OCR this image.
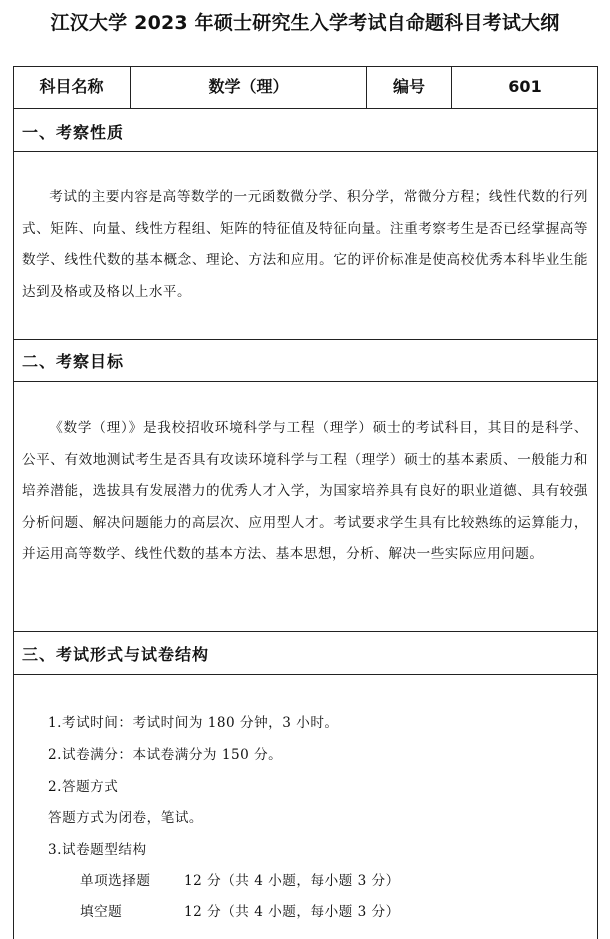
江汉大学 2023 年硕士研究生入学考试自命题科目考试大纲
科目名称	数学（理）	编号	601
一、考察性质

考试的主要内容是高等数学的一元函数微分学、积分学，常微分方程；线性代数的行列式、矩阵、向量、线性方程组、矩阵的特征值及特征向量。注重考察考生是否已经掌握高等数学、线性代数的基本概念、理论、方法和应用。它的评价标准是使高校优秀本科毕业生能达到及格或及格以上水平。

二、考察目标

《数学（理）》是我校招收环境科学与工程（理学）硕士的考试科目，其目的是科学、公平、有效地测试考生是否具有攻读环境科学与工程（理学）硕士的基本素质、一般能力和培养潜能，选拔具有发展潜力的优秀人才入学，为国家培养具有良好的职业道德、具有较强分析问题、解决问题能力的高层次、应用型人才。考试要求学生具有比较熟练的运算能力，并运用高等数学、线性代数的基本方法、基本思想，分析、解决一些实际应用问题。

三、考试形式与试卷结构
1.考试时间：考试时间为 180 分钟，3 小时。
2.试卷满分：本试卷满分为 150 分。
2.答题方式
答题方式为闭卷，笔试。
3.试卷题型结构
单项选择题 12 分（共 4 小题，每小题 3 分）
填空题	12 分（共 4 小题，每小题 3 分）
